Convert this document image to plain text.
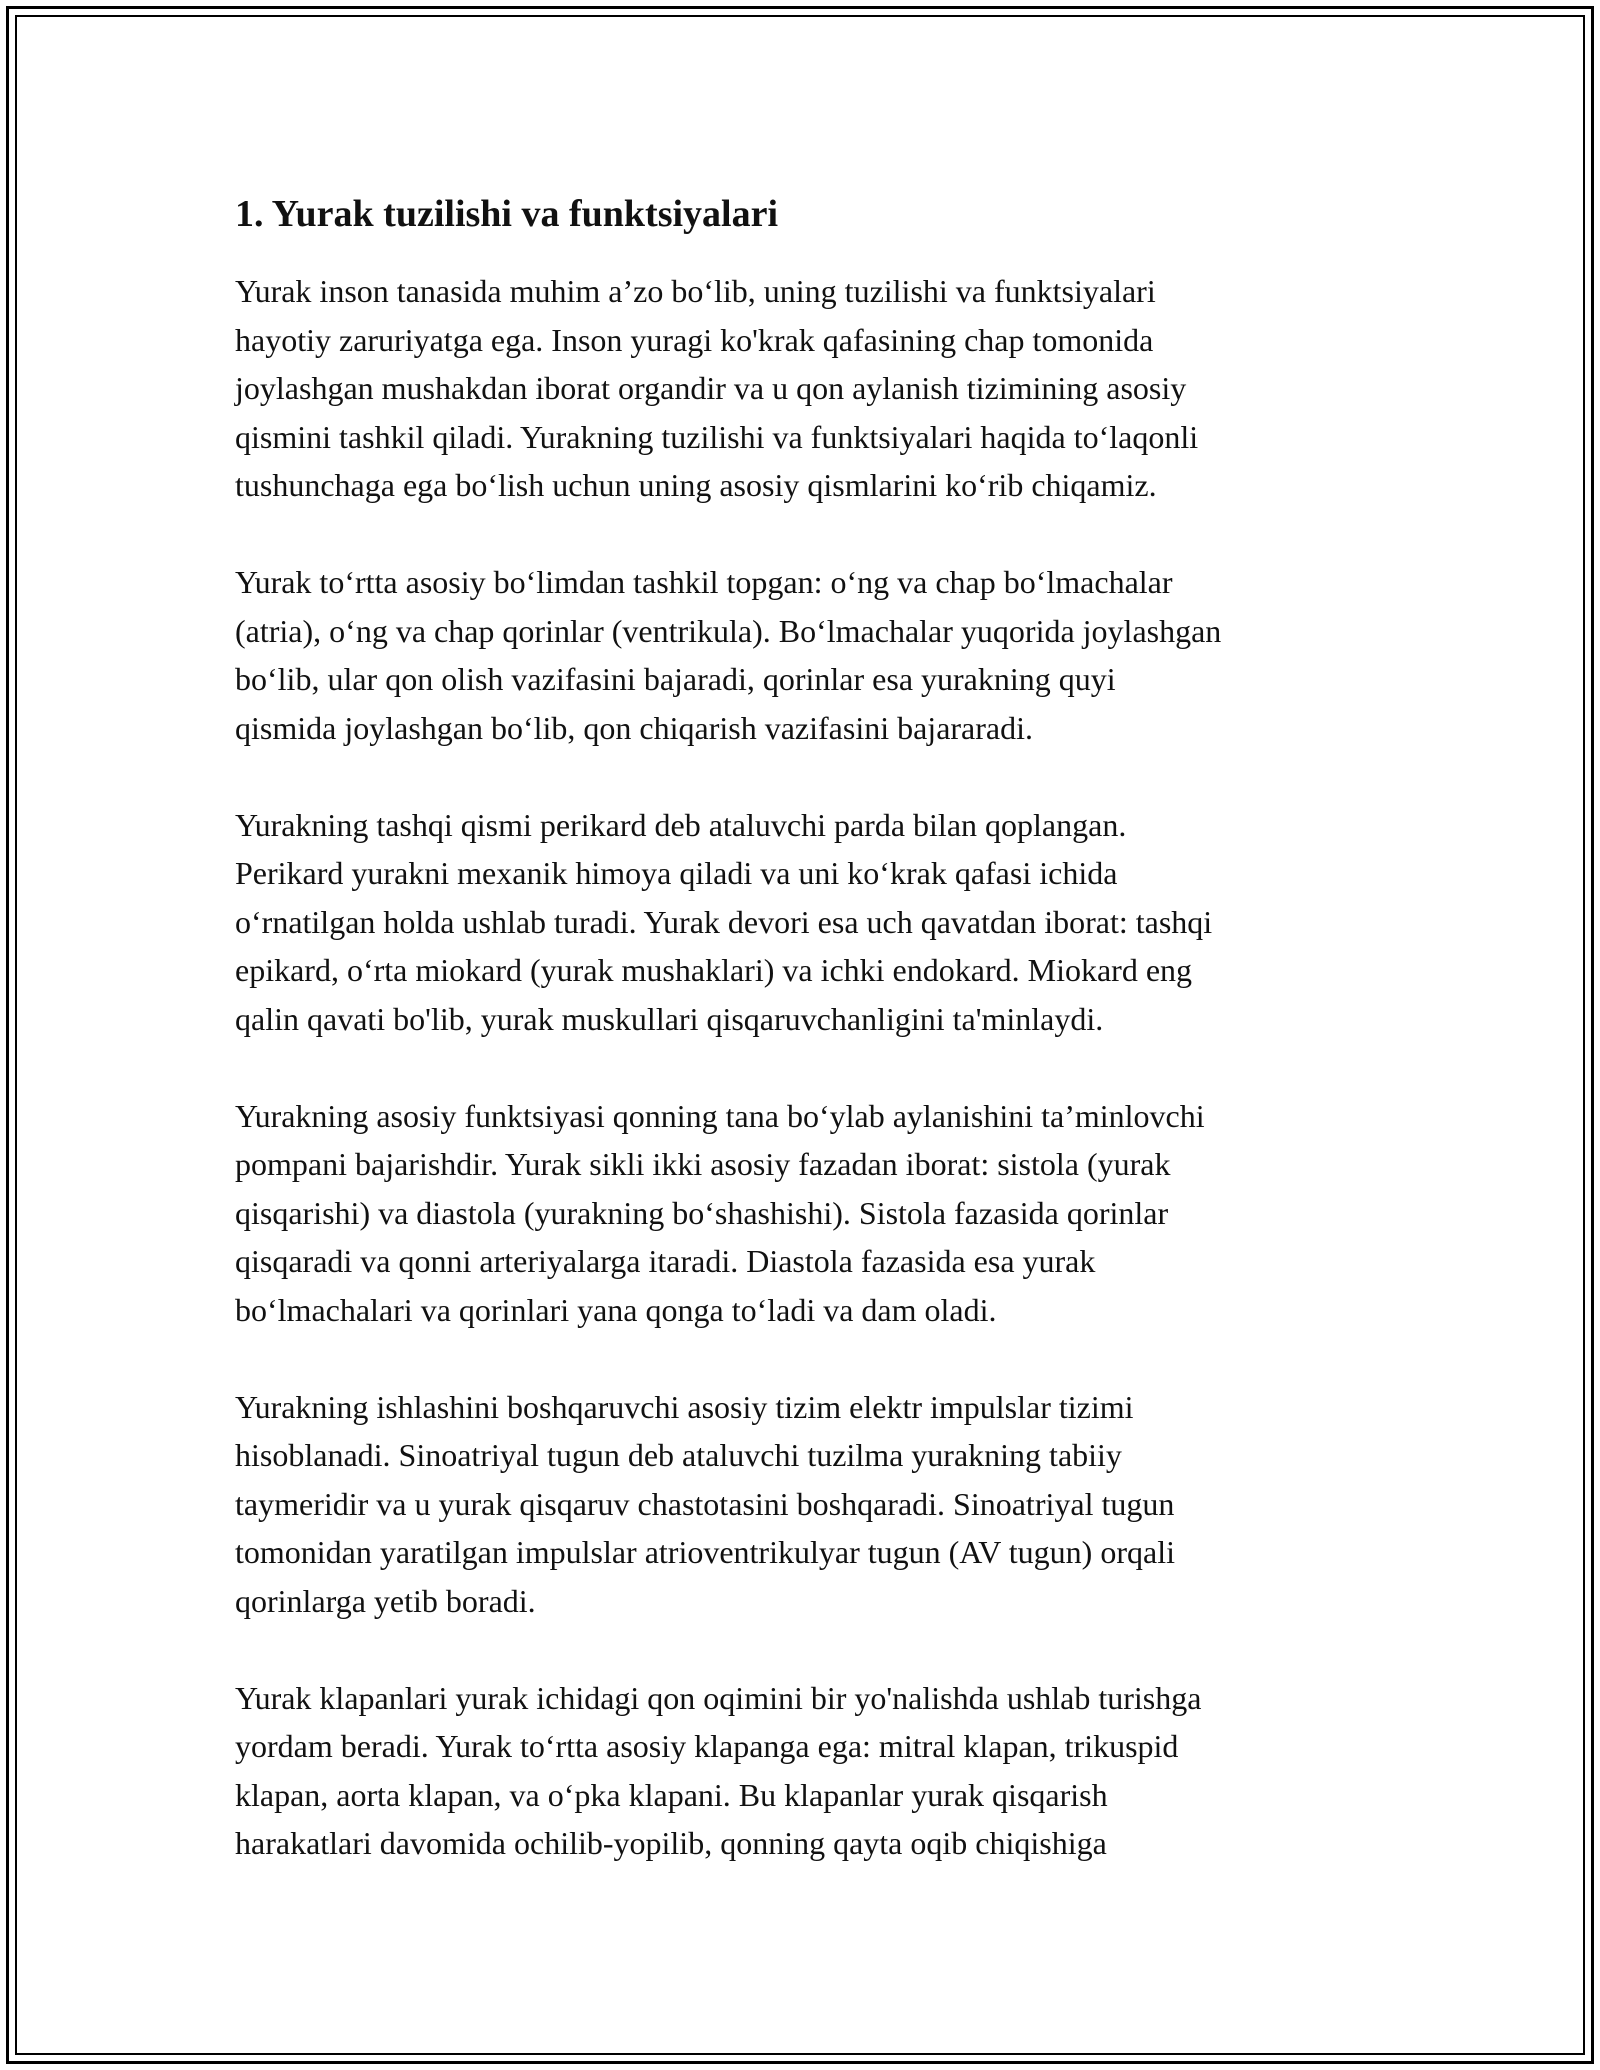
1. Yurak tuzilishi va funktsiyalari
Yurak inson tanasida muhim a’zo bo‘lib, uning tuzilishi va funktsiyalari
hayotiy zaruriyatga ega. Inson yuragi ko'krak qafasining chap tomonida
joylashgan mushakdan iborat organdir va u qon aylanish tizimining asosiy
qismini tashkil qiladi. Yurakning tuzilishi va funktsiyalari haqida to‘laqonli
tushunchaga ega bo‘lish uchun uning asosiy qismlarini ko‘rib chiqamiz.
Yurak to‘rtta asosiy bo‘limdan tashkil topgan: o‘ng va chap bo‘lmachalar
(atria), o‘ng va chap qorinlar (ventrikula). Bo‘lmachalar yuqorida joylashgan
bo‘lib, ular qon olish vazifasini bajaradi, qorinlar esa yurakning quyi
qismida joylashgan bo‘lib, qon chiqarish vazifasini bajararadi.
Yurakning tashqi qismi perikard deb ataluvchi parda bilan qoplangan.
Perikard yurakni mexanik himoya qiladi va uni ko‘krak qafasi ichida
o‘rnatilgan holda ushlab turadi. Yurak devori esa uch qavatdan iborat: tashqi
epikard, o‘rta miokard (yurak mushaklari) va ichki endokard. Miokard eng
qalin qavati bo'lib, yurak muskullari qisqaruvchanligini ta'minlaydi.
Yurakning asosiy funktsiyasi qonning tana bo‘ylab aylanishini ta’minlovchi
pompani bajarishdir. Yurak sikli ikki asosiy fazadan iborat: sistola (yurak
qisqarishi) va diastola (yurakning bo‘shashishi). Sistola fazasida qorinlar
qisqaradi va qonni arteriyalarga itaradi. Diastola fazasida esa yurak
bo‘lmachalari va qorinlari yana qonga to‘ladi va dam oladi.
Yurakning ishlashini boshqaruvchi asosiy tizim elektr impulslar tizimi
hisoblanadi. Sinoatriyal tugun deb ataluvchi tuzilma yurakning tabiiy
taymeridir va u yurak qisqaruv chastotasini boshqaradi. Sinoatriyal tugun
tomonidan yaratilgan impulslar atrioventrikulyar tugun (AV tugun) orqali
qorinlarga yetib boradi.
Yurak klapanlari yurak ichidagi qon oqimini bir yo'nalishda ushlab turishga
yordam beradi. Yurak to‘rtta asosiy klapanga ega: mitral klapan, trikuspid
klapan, aorta klapan, va o‘pka klapani. Bu klapanlar yurak qisqarish
harakatlari davomida ochilib-yopilib, qonning qayta oqib chiqishiga
